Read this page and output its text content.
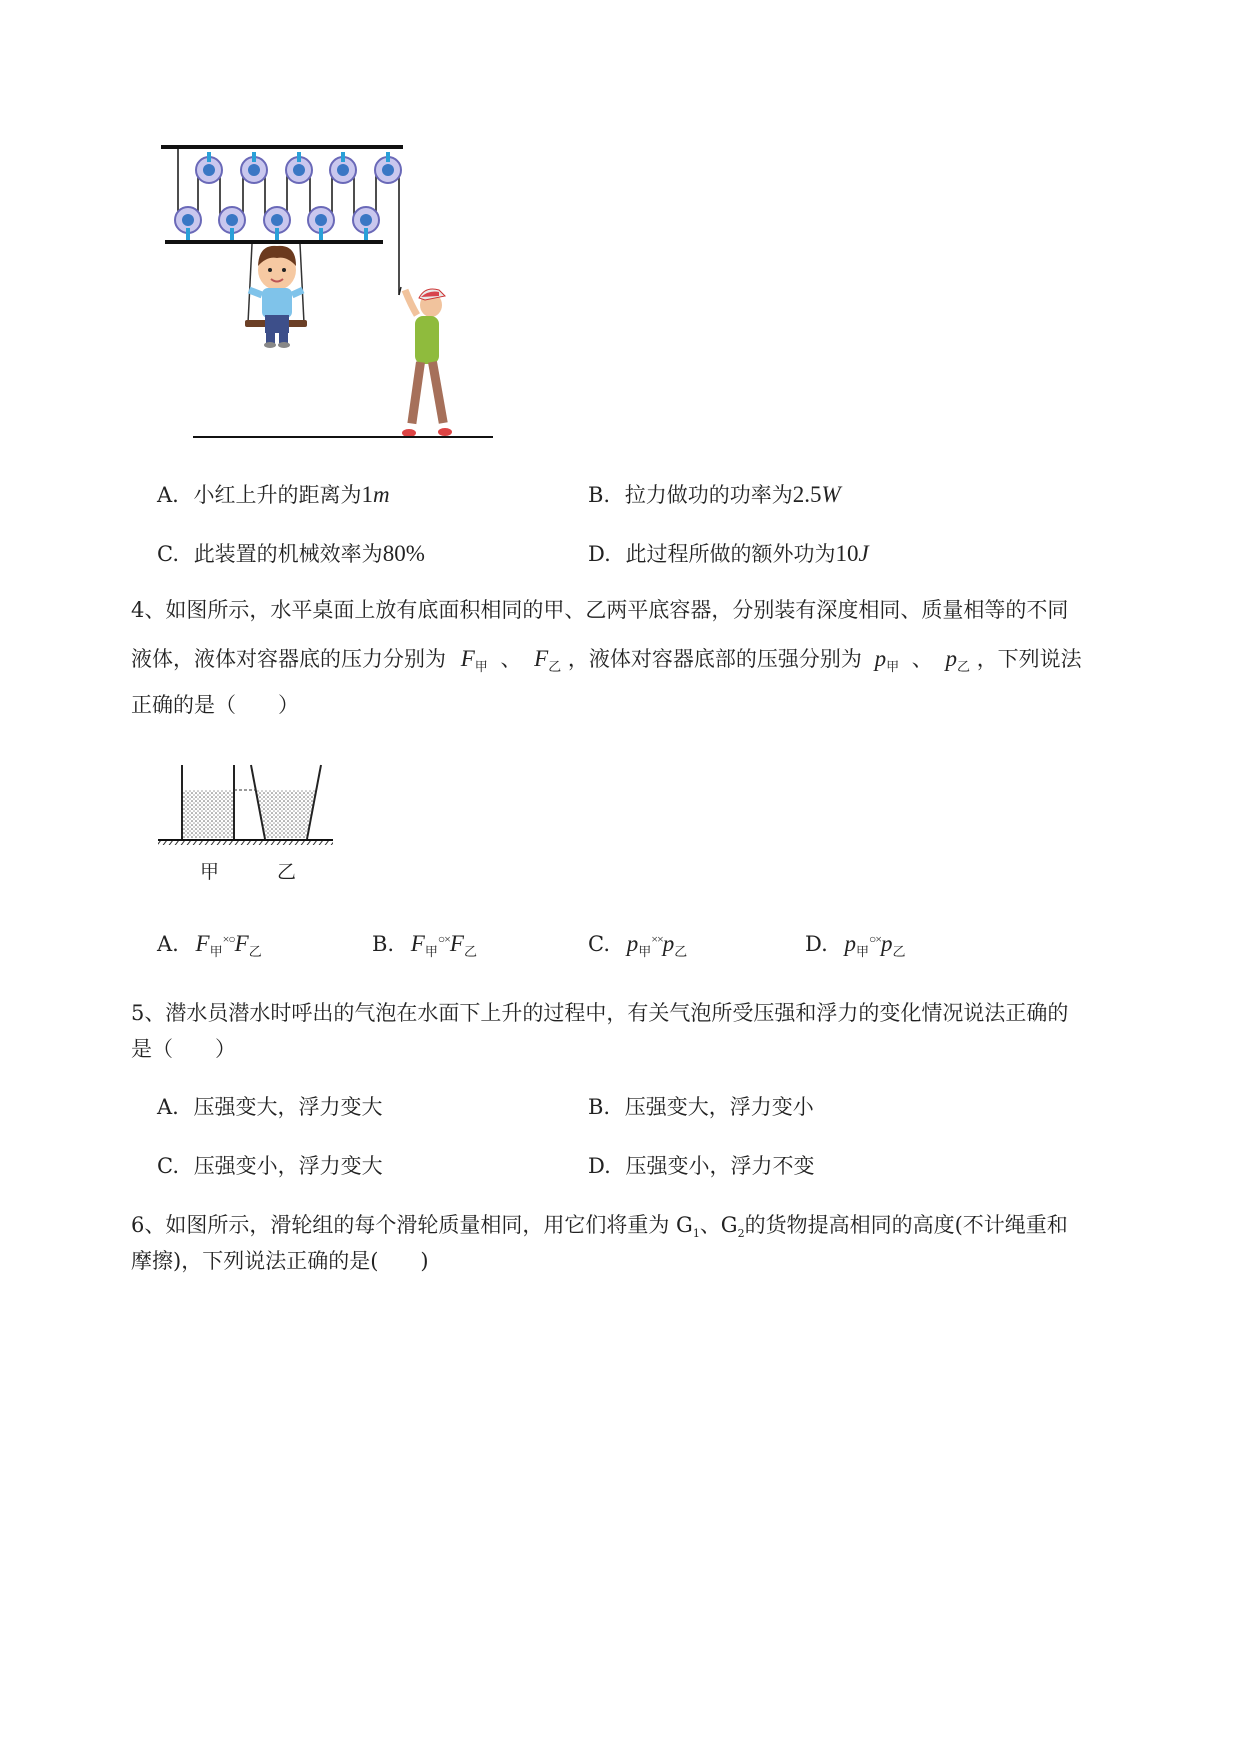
A. 小红上升的距离为1m	B. 拉力做功的功率为2.5W
C. 此装置的机械效率为80%	D. 此过程所做的额外功为10J
4、如图所示，水平桌面上放有底面积相同的甲、乙两平底容器，分别装有深度相同、质量相等的不同
液体，液体对容器底的压力分别为 $F_甲$ 、 $F_乙$ ，液体对容器底部的压强分别为 $p_甲$ 、 $p_乙$ ，下列说法
正确的是（　　）
甲	乙
A. $F_甲^{\times○}F_乙$	B. $F_甲^{○\times}F_乙$	C. $p_甲^{\times\times}p_乙$	D. $p_甲^{○\times}p_乙$
5、潜水员潜水时呼出的气泡在水面下上升的过程中，有关气泡所受压强和浮力的变化情况说法正确的
是（　　）
A. 压强变大，浮力变大	B. 压强变大，浮力变小
C. 压强变小，浮力变大	D. 压强变小，浮力不变
6、如图所示，滑轮组的每个滑轮质量相同，用它们将重为 $G_1$、$G_2$的货物提高相同的高度(不计绳重和
摩擦)，下列说法正确的是(　　)
